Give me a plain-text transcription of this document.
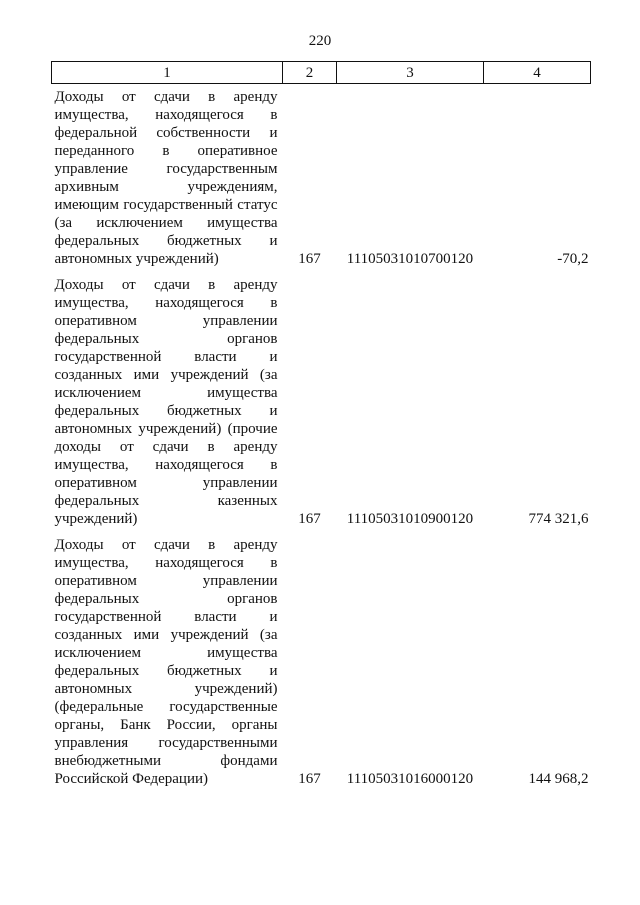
220
1	2	3	4
Доходы от сдачи в аренду имущества, находящегося в федеральной собственности и переданного в оперативное управление государственным архивным учреждениям, имеющим государственный статус (за исключением имущества федеральных бюджетных и автономных учреждений)	167	11105031010700120	-70,2
Доходы от сдачи в аренду имущества, находящегося в оперативном управлении федеральных органов государственной власти и созданных ими учреждений (за исключением имущества федеральных бюджетных и автономных учреждений) (прочие доходы от сдачи в аренду имущества, находящегося в оперативном управлении федеральных казенных учреждений)	167	11105031010900120	774 321,6
Доходы от сдачи в аренду имущества, находящегося в оперативном управлении федеральных органов государственной власти и созданных ими учреждений (за исключением имущества федеральных бюджетных и автономных учреждений) (федеральные государственные органы, Банк России, органы управления государственными внебюджетными фондами Российской Федерации)	167	11105031016000120	144 968,2
